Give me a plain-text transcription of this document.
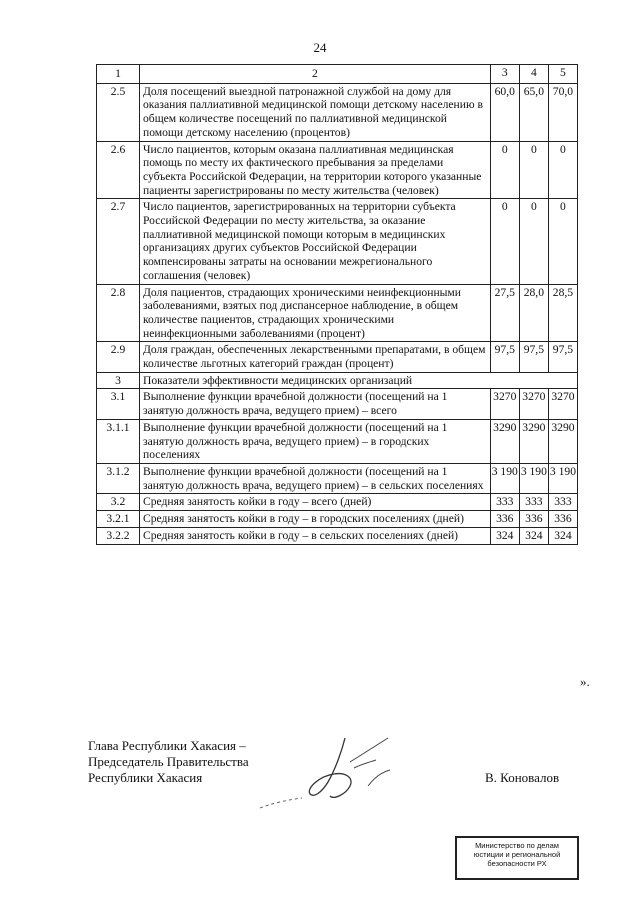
24
1	2	3	4	5
2.5	Доля посещений выездной патронажной службой на дому для оказания паллиативной медицинской помощи детскому населению в общем количестве посещений по паллиативной медицинской помощи детскому населению (процентов)	60,0	65,0	70,0
2.6	Число пациентов, которым оказана паллиативная медицинская помощь по месту их фактического пребывания за пределами субъекта Российской Федерации, на территории которого указанные пациенты зарегистрированы по месту жительства (человек)	0	0	0
2.7	Число пациентов, зарегистрированных на территории субъекта Российской Федерации по месту жительства, за оказание паллиативной медицинской помощи которым в медицинских организациях других субъектов Российской Федерации компенсированы затраты на основании межрегионального соглашения (человек)	0	0	0
2.8	Доля пациентов, страдающих хроническими неинфекционными заболеваниями, взятых под диспансерное наблюдение, в общем количестве пациентов, страдающих хроническими неинфекционными заболеваниями (процент)	27,5	28,0	28,5
2.9	Доля граждан, обеспеченных лекарственными препаратами, в общем количестве льготных категорий граждан (процент)	97,5	97,5	97,5
3	Показатели эффективности медицинских организаций			
3.1	Выполнение функции врачебной должности (посещений на 1 занятую должность врача, ведущего прием) – всего	3270	3270	3270
3.1.1	Выполнение функции врачебной должности (посещений на 1 занятую должность врача, ведущего прием) – в городских поселениях	3290	3290	3290
3.1.2	Выполнение функции врачебной должности (посещений на 1 занятую должность врача, ведущего прием) – в сельских поселениях	3 190	3 190	3 190
3.2	Средняя занятость койки в году – всего (дней)	333	333	333
3.2.1	Средняя занятость койки в году – в городских поселениях (дней)	336	336	336
3.2.2	Средняя занятость койки в году – в сельских поселениях (дней)	324	324	324
».
Глава Республики Хакасия –
Председатель Правительства
Республики Хакасия	В. Коновалов
Министерство по делам
юстиции и региональной
безопасности РХ
